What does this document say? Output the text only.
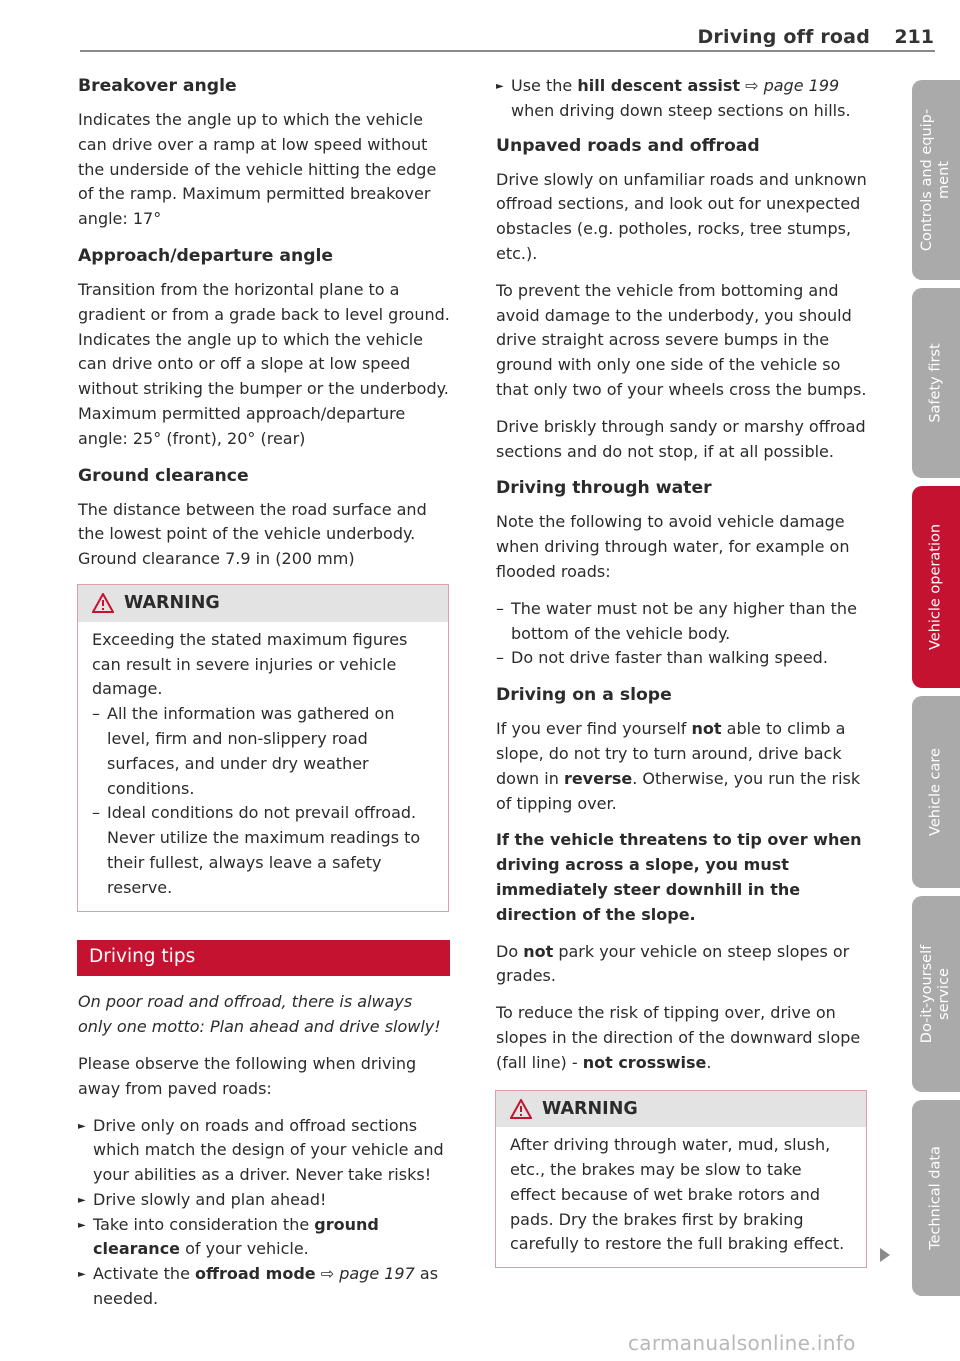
Driving off road	211
Breakover angle

Indicates the angle up to which the vehicle can drive over a ramp at low speed without the underside of the vehicle hitting the edge of the ramp. Maximum permitted breakover angle: 17°

Approach/departure angle

Transition from the horizontal plane to a gradient or from a grade back to level ground. Indicates the angle up to which the vehicle can drive onto or off a slope at low speed without striking the bumper or the underbody. Maximum permitted approach/departure angle: 25° (front), 20° (rear)

Ground clearance

The distance between the road surface and the lowest point of the vehicle underbody. Ground clearance 7.9 in (200 mm)

WARNING

Exceeding the stated maximum figures can result in severe injuries or vehicle damage.

– All the information was gathered on level, firm and non-slippery road surfaces, and under dry weather conditions.
– Ideal conditions do not prevail offroad. Never utilize the maximum readings to their fullest, always leave a safety reserve.
Driving tips

On poor road and offroad, there is always only one motto: Plan ahead and drive slowly!

Please observe the following when driving away from paved roads:

► Drive only on roads and offroad sections which match the design of your vehicle and your abilities as a driver. Never take risks!
► Drive slowly and plan ahead!
► Take into consideration the ground clearance of your vehicle.
► Activate the offroad mode ⇨ page 197 as needed.
► Use the hill descent assist ⇨ page 199 when driving down steep sections on hills.
Unpaved roads and offroad

Drive slowly on unfamiliar roads and unknown offroad sections, and look out for unexpected obstacles (e.g. potholes, rocks, tree stumps, etc.).

To prevent the vehicle from bottoming and avoid damage to the underbody, you should drive straight across severe bumps in the ground with only one side of the vehicle so that only two of your wheels cross the bumps.

Drive briskly through sandy or marshy offroad sections and do not stop, if at all possible.

Driving through water

Note the following to avoid vehicle damage when driving through water, for example on flooded roads:

– The water must not be any higher than the bottom of the vehicle body.
– Do not drive faster than walking speed.
Driving on a slope

If you ever find yourself not able to climb a slope, do not try to turn around, drive back down in reverse. Otherwise, you run the risk of tipping over.

If the vehicle threatens to tip over when driving across a slope, you must immediately steer downhill in the direction of the slope.

Do not park your vehicle on steep slopes or grades.

To reduce the risk of tipping over, drive on slopes in the direction of the downward slope (fall line) - not crosswise.

WARNING

After driving through water, mud, slush, etc., the brakes may be slow to take effect because of wet brake rotors and pads. Dry the brakes first by braking carefully to restore the full braking effect.

Controls and equip-
ment
Safety first
Vehicle operation
Vehicle care
Do-it-yourself
service
Technical data
carmanualsonline.info
